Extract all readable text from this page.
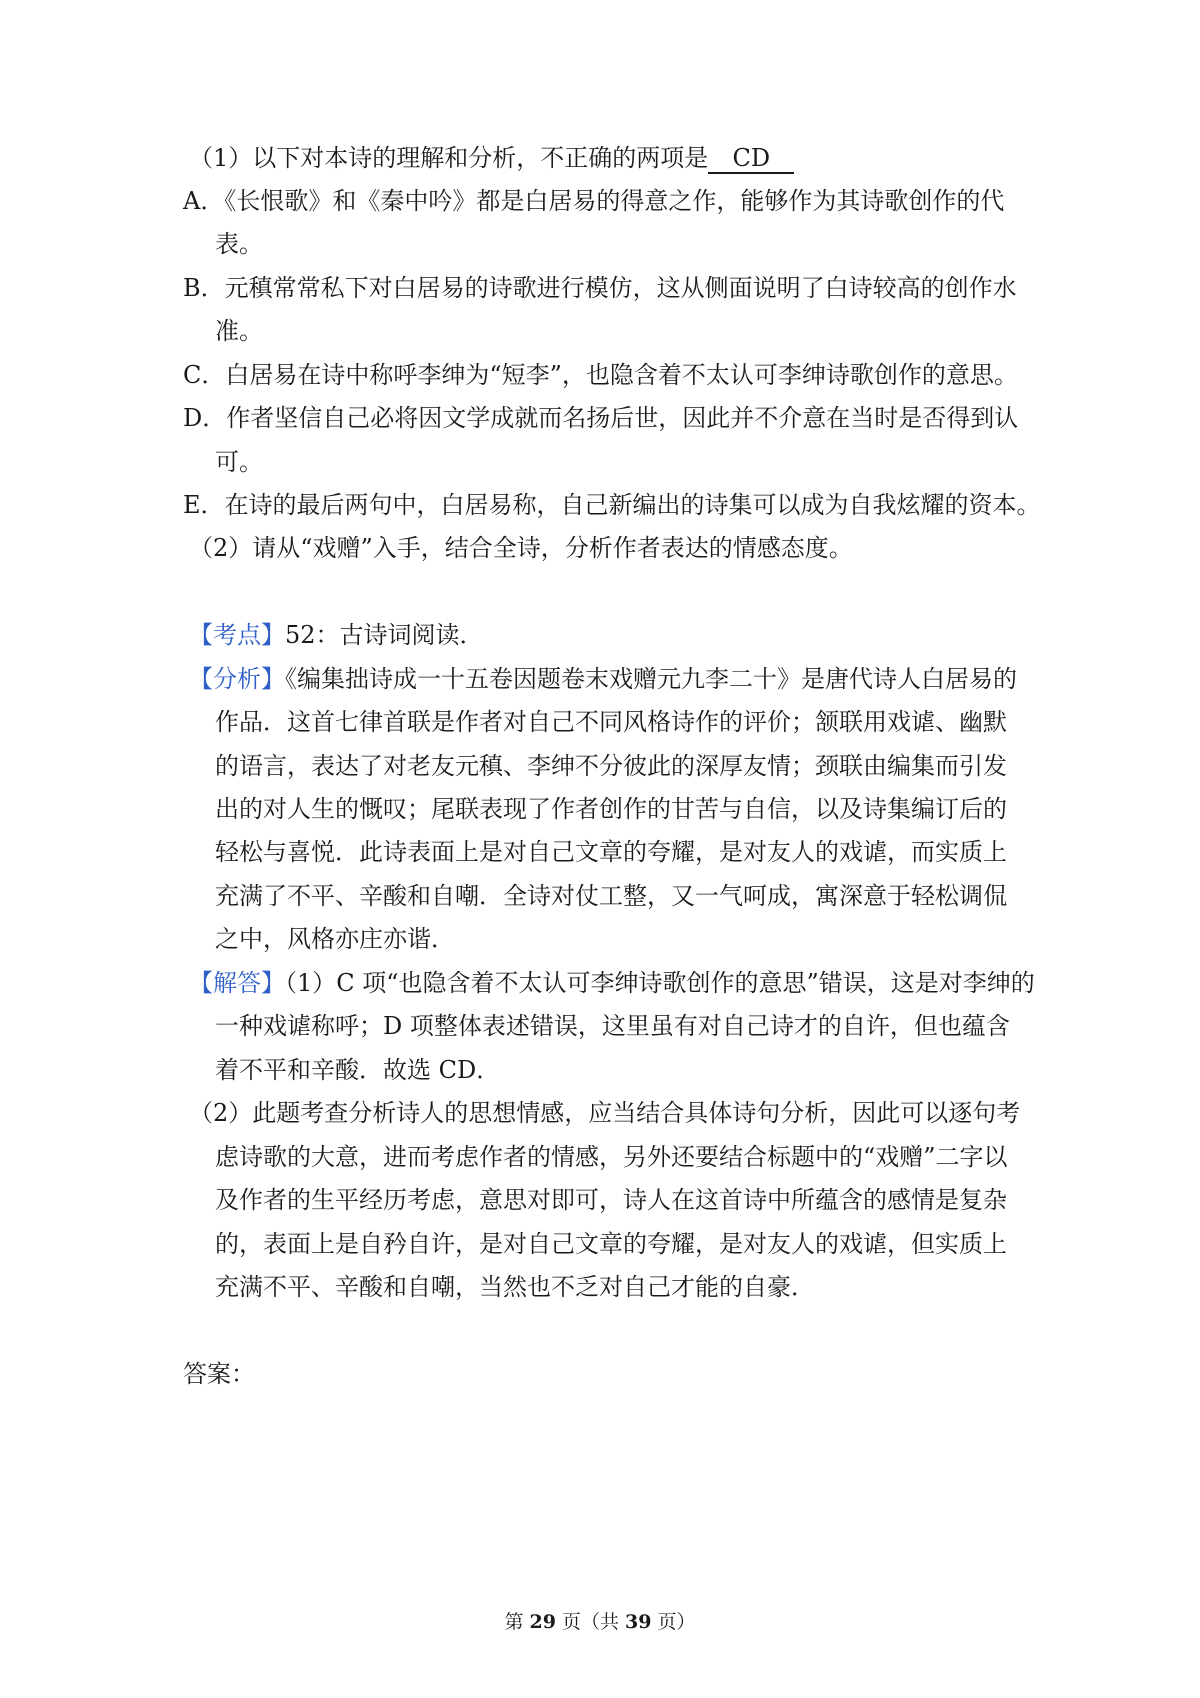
（1）以下对本诗的理解和分析，不正确的两项是 CD
A．《长恨歌》和《秦中吟》都是白居易的得意之作，能够作为其诗歌创作的代
表。
B．元稹常常私下对白居易的诗歌进行模仿，这从侧面说明了白诗较高的创作水
准。
C．白居易在诗中称呼李绅为“短李”，也隐含着不太认可李绅诗歌创作的意思。
D．作者坚信自己必将因文学成就而名扬后世，因此并不介意在当时是否得到认
可。
E．在诗的最后两句中，白居易称，自己新编出的诗集可以成为自我炫耀的资本。
（2）请从“戏赠”入手，结合全诗，分析作者表达的情感态度。
【考点】52：古诗词阅读．
【分析】《编集拙诗成一十五卷因题卷末戏赠元九李二十》是唐代诗人白居易的
作品．这首七律首联是作者对自己不同风格诗作的评价；颔联用戏谑、幽默
的语言，表达了对老友元稹、李绅不分彼此的深厚友情；颈联由编集而引发
出的对人生的慨叹；尾联表现了作者创作的甘苦与自信，以及诗集编订后的
轻松与喜悦．此诗表面上是对自己文章的夸耀，是对友人的戏谑，而实质上
充满了不平、辛酸和自嘲．全诗对仗工整，又一气呵成，寓深意于轻松调侃
之中，风格亦庄亦谐．
【解答】（1）C 项“也隐含着不太认可李绅诗歌创作的意思”错误，这是对李绅的
一种戏谑称呼；D 项整体表述错误，这里虽有对自己诗才的自许，但也蕴含
着不平和辛酸．故选 CD．
（2）此题考查分析诗人的思想情感，应当结合具体诗句分析，因此可以逐句考
虑诗歌的大意，进而考虑作者的情感，另外还要结合标题中的“戏赠”二字以
及作者的生平经历考虑，意思对即可，诗人在这首诗中所蕴含的感情是复杂
的，表面上是自矜自许，是对自己文章的夸耀，是对友人的戏谑，但实质上
充满不平、辛酸和自嘲，当然也不乏对自己才能的自豪．
答案：
第 29 页（共 39 页）
